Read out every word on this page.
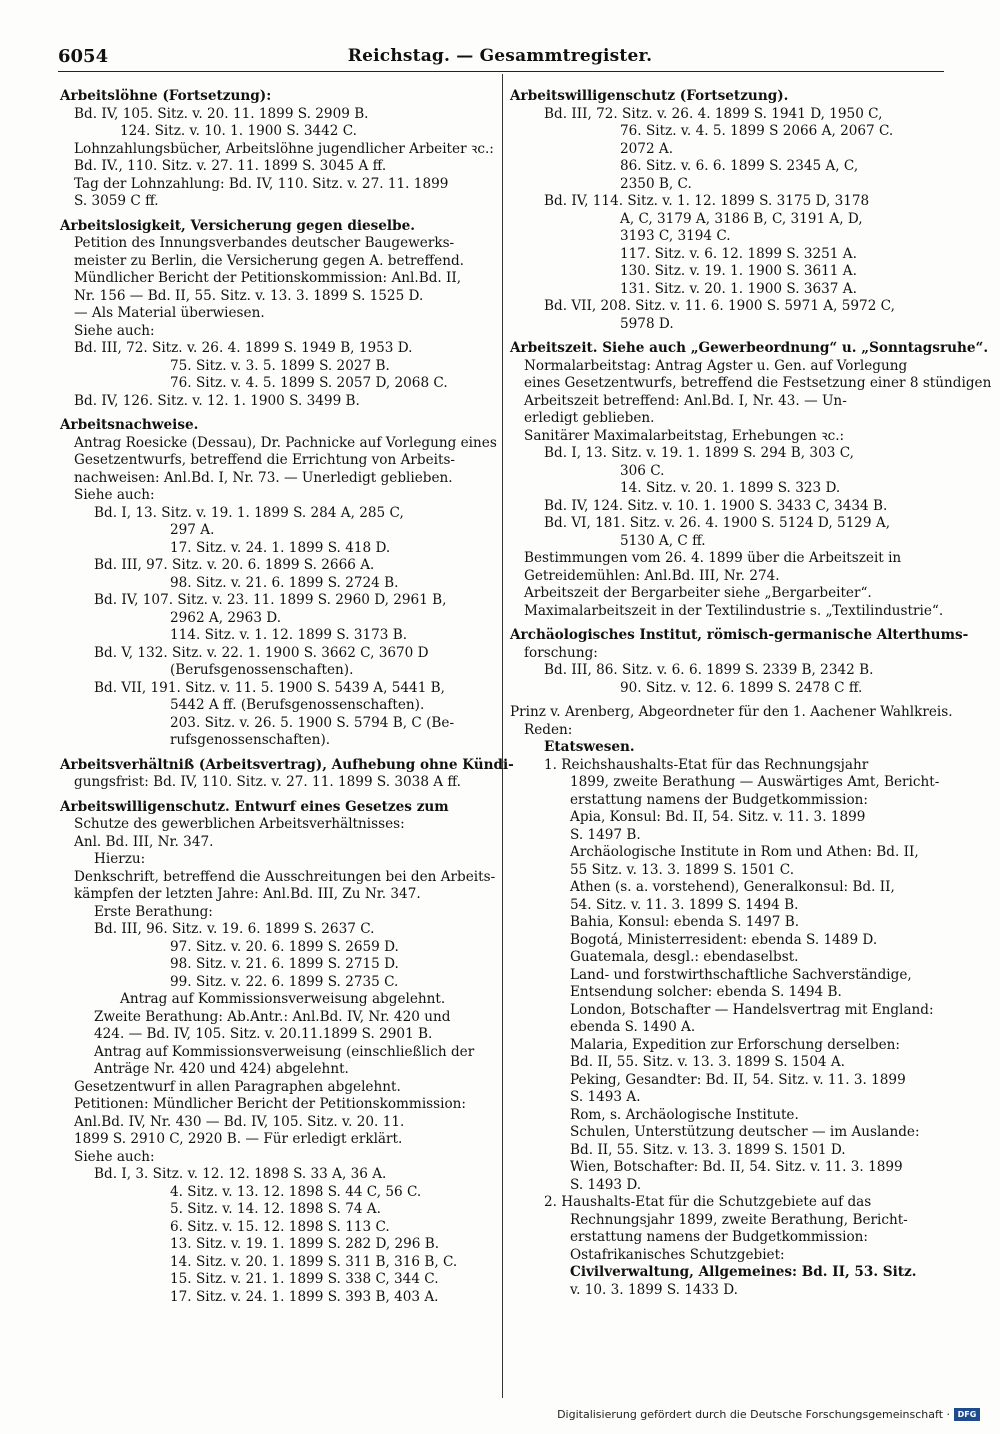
6054	Reichstag. — Gesammtregister.
Arbeitslöhne (Fortsetzung):
Bd. IV, 105. Sitz. v. 20. 11. 1899 S. 2909 B.
124. Sitz. v. 10. 1. 1900 S. 3442 C.
Lohnzahlungsbücher, Arbeitslöhne jugendlicher Arbeiter ꝛc.:
Bd. IV., 110. Sitz. v. 27. 11. 1899 S. 3045 A ff.
Tag der Lohnzahlung: Bd. IV, 110. Sitz. v. 27. 11. 1899
S. 3059 C ff.
Arbeitslosigkeit, Versicherung gegen dieselbe.
Petition des Innungsverbandes deutscher Baugewerks-
meister zu Berlin, die Versicherung gegen A. betreffend.
Mündlicher Bericht der Petitionskommission: Anl.Bd. II,
Nr. 156 — Bd. II, 55. Sitz. v. 13. 3. 1899 S. 1525 D.
— Als Material überwiesen.
Siehe auch:
Bd. III, 72. Sitz. v. 26. 4. 1899 S. 1949 B, 1953 D.
75. Sitz. v. 3. 5. 1899 S. 2027 B.
76. Sitz. v. 4. 5. 1899 S. 2057 D, 2068 C.
Bd. IV, 126. Sitz. v. 12. 1. 1900 S. 3499 B.
Arbeitsnachweise.
Antrag Roesicke (Dessau), Dr. Pachnicke auf Vorlegung eines
Gesetzentwurfs, betreffend die Errichtung von Arbeits-
nachweisen: Anl.Bd. I, Nr. 73. — Unerledigt geblieben.
Siehe auch:
Bd. I, 13. Sitz. v. 19. 1. 1899 S. 284 A, 285 C,
297 A.
17. Sitz. v. 24. 1. 1899 S. 418 D.
Bd. III, 97. Sitz. v. 20. 6. 1899 S. 2666 A.
98. Sitz. v. 21. 6. 1899 S. 2724 B.
Bd. IV, 107. Sitz. v. 23. 11. 1899 S. 2960 D, 2961 B,
2962 A, 2963 D.
114. Sitz. v. 1. 12. 1899 S. 3173 B.
Bd. V, 132. Sitz. v. 22. 1. 1900 S. 3662 C, 3670 D
(Berufsgenossenschaften).
Bd. VII, 191. Sitz. v. 11. 5. 1900 S. 5439 A, 5441 B,
5442 A ff. (Berufsgenossenschaften).
203. Sitz. v. 26. 5. 1900 S. 5794 B, C (Be-
rufsgenossenschaften).
Arbeitsverhältniß (Arbeitsvertrag), Aufhebung ohne Kündi-
gungsfrist: Bd. IV, 110. Sitz. v. 27. 11. 1899 S. 3038 A ff.
Arbeitswilligenschutz. Entwurf eines Gesetzes zum
Schutze des gewerblichen Arbeitsverhältnisses:
Anl. Bd. III, Nr. 347.
Hierzu:
Denkschrift, betreffend die Ausschreitungen bei den Arbeits-
kämpfen der letzten Jahre: Anl.Bd. III, Zu Nr. 347.
Erste Berathung:
Bd. III, 96. Sitz. v. 19. 6. 1899 S. 2637 C.
97. Sitz. v. 20. 6. 1899 S. 2659 D.
98. Sitz. v. 21. 6. 1899 S. 2715 D.
99. Sitz. v. 22. 6. 1899 S. 2735 C.
Antrag auf Kommissionsverweisung abgelehnt.
Zweite Berathung: Ab.Antr.: Anl.Bd. IV, Nr. 420 und
424. — Bd. IV, 105. Sitz. v. 20.11.1899 S. 2901 B.
Antrag auf Kommissionsverweisung (einschließlich der
Anträge Nr. 420 und 424) abgelehnt.
Gesetzentwurf in allen Paragraphen abgelehnt.
Petitionen: Mündlicher Bericht der Petitionskommission:
Anl.Bd. IV, Nr. 430 — Bd. IV, 105. Sitz. v. 20. 11.
1899 S. 2910 C, 2920 B. — Für erledigt erklärt.
Siehe auch:
Bd. I, 3. Sitz. v. 12. 12. 1898 S. 33 A, 36 A.
4. Sitz. v. 13. 12. 1898 S. 44 C, 56 C.
5. Sitz. v. 14. 12. 1898 S. 74 A.
6. Sitz. v. 15. 12. 1898 S. 113 C.
13. Sitz. v. 19. 1. 1899 S. 282 D, 296 B.
14. Sitz. v. 20. 1. 1899 S. 311 B, 316 B, C.
15. Sitz. v. 21. 1. 1899 S. 338 C, 344 C.
17. Sitz. v. 24. 1. 1899 S. 393 B, 403 A.
Arbeitswilligenschutz (Fortsetzung).
Bd. III, 72. Sitz. v. 26. 4. 1899 S. 1941 D, 1950 C,
76. Sitz. v. 4. 5. 1899 S 2066 A, 2067 C.
2072 A.
86. Sitz. v. 6. 6. 1899 S. 2345 A, C,
2350 B, C.
Bd. IV, 114. Sitz. v. 1. 12. 1899 S. 3175 D, 3178
A, C, 3179 A, 3186 B, C, 3191 A, D,
3193 C, 3194 C.
117. Sitz. v. 6. 12. 1899 S. 3251 A.
130. Sitz. v. 19. 1. 1900 S. 3611 A.
131. Sitz. v. 20. 1. 1900 S. 3637 A.
Bd. VII, 208. Sitz. v. 11. 6. 1900 S. 5971 A, 5972 C,
5978 D.
Arbeitszeit. Siehe auch „Gewerbeordnung“ u. „Sonntagsruhe“.
Normalarbeitstag: Antrag Agster u. Gen. auf Vorlegung
eines Gesetzentwurfs, betreffend die Festsetzung einer 8 stündigen
Arbeitszeit betreffend: Anl.Bd. I, Nr. 43. — Un-
erledigt geblieben.
Sanitärer Maximalarbeitstag, Erhebungen ꝛc.:
Bd. I, 13. Sitz. v. 19. 1. 1899 S. 294 B, 303 C,
306 C.
14. Sitz. v. 20. 1. 1899 S. 323 D.
Bd. IV, 124. Sitz. v. 10. 1. 1900 S. 3433 C, 3434 B.
Bd. VI, 181. Sitz. v. 26. 4. 1900 S. 5124 D, 5129 A,
5130 A, C ff.
Bestimmungen vom 26. 4. 1899 über die Arbeitszeit in
Getreidemühlen: Anl.Bd. III, Nr. 274.
Arbeitszeit der Bergarbeiter siehe „Bergarbeiter“.
Maximalarbeitszeit in der Textilindustrie s. „Textilindustrie“.
Archäologisches Institut, römisch-germanische Alterthums-
forschung:
Bd. III, 86. Sitz. v. 6. 6. 1899 S. 2339 B, 2342 B.
90. Sitz. v. 12. 6. 1899 S. 2478 C ff.
Prinz v. Arenberg, Abgeordneter für den 1. Aachener Wahlkreis.
Reden:
Etatswesen.
1. Reichshaushalts-Etat für das Rechnungsjahr
1899, zweite Berathung — Auswärtiges Amt, Bericht-
erstattung namens der Budgetkommission:
Apia, Konsul: Bd. II, 54. Sitz. v. 11. 3. 1899
S. 1497 B.
Archäologische Institute in Rom und Athen: Bd. II,
55 Sitz. v. 13. 3. 1899 S. 1501 C.
Athen (s. a. vorstehend), Generalkonsul: Bd. II,
54. Sitz. v. 11. 3. 1899 S. 1494 B.
Bahia, Konsul: ebenda S. 1497 B.
Bogotá, Ministerresident: ebenda S. 1489 D.
Guatemala, desgl.: ebendaselbst.
Land- und forstwirthschaftliche Sachverständige,
Entsendung solcher: ebenda S. 1494 B.
London, Botschafter — Handelsvertrag mit England:
ebenda S. 1490 A.
Malaria, Expedition zur Erforschung derselben:
Bd. II, 55. Sitz. v. 13. 3. 1899 S. 1504 A.
Peking, Gesandter: Bd. II, 54. Sitz. v. 11. 3. 1899
S. 1493 A.
Rom, s. Archäologische Institute.
Schulen, Unterstützung deutscher — im Auslande:
Bd. II, 55. Sitz. v. 13. 3. 1899 S. 1501 D.
Wien, Botschafter: Bd. II, 54. Sitz. v. 11. 3. 1899
S. 1493 D.
2. Haushalts-Etat für die Schutzgebiete auf das
Rechnungsjahr 1899, zweite Berathung, Bericht-
erstattung namens der Budgetkommission:
Ostafrikanisches Schutzgebiet:
Civilverwaltung, Allgemeines: Bd. II, 53. Sitz.
v. 10. 3. 1899 S. 1433 D.
Digitalisierung gefördert durch die Deutsche Forschungsgemeinschaft · DFG
